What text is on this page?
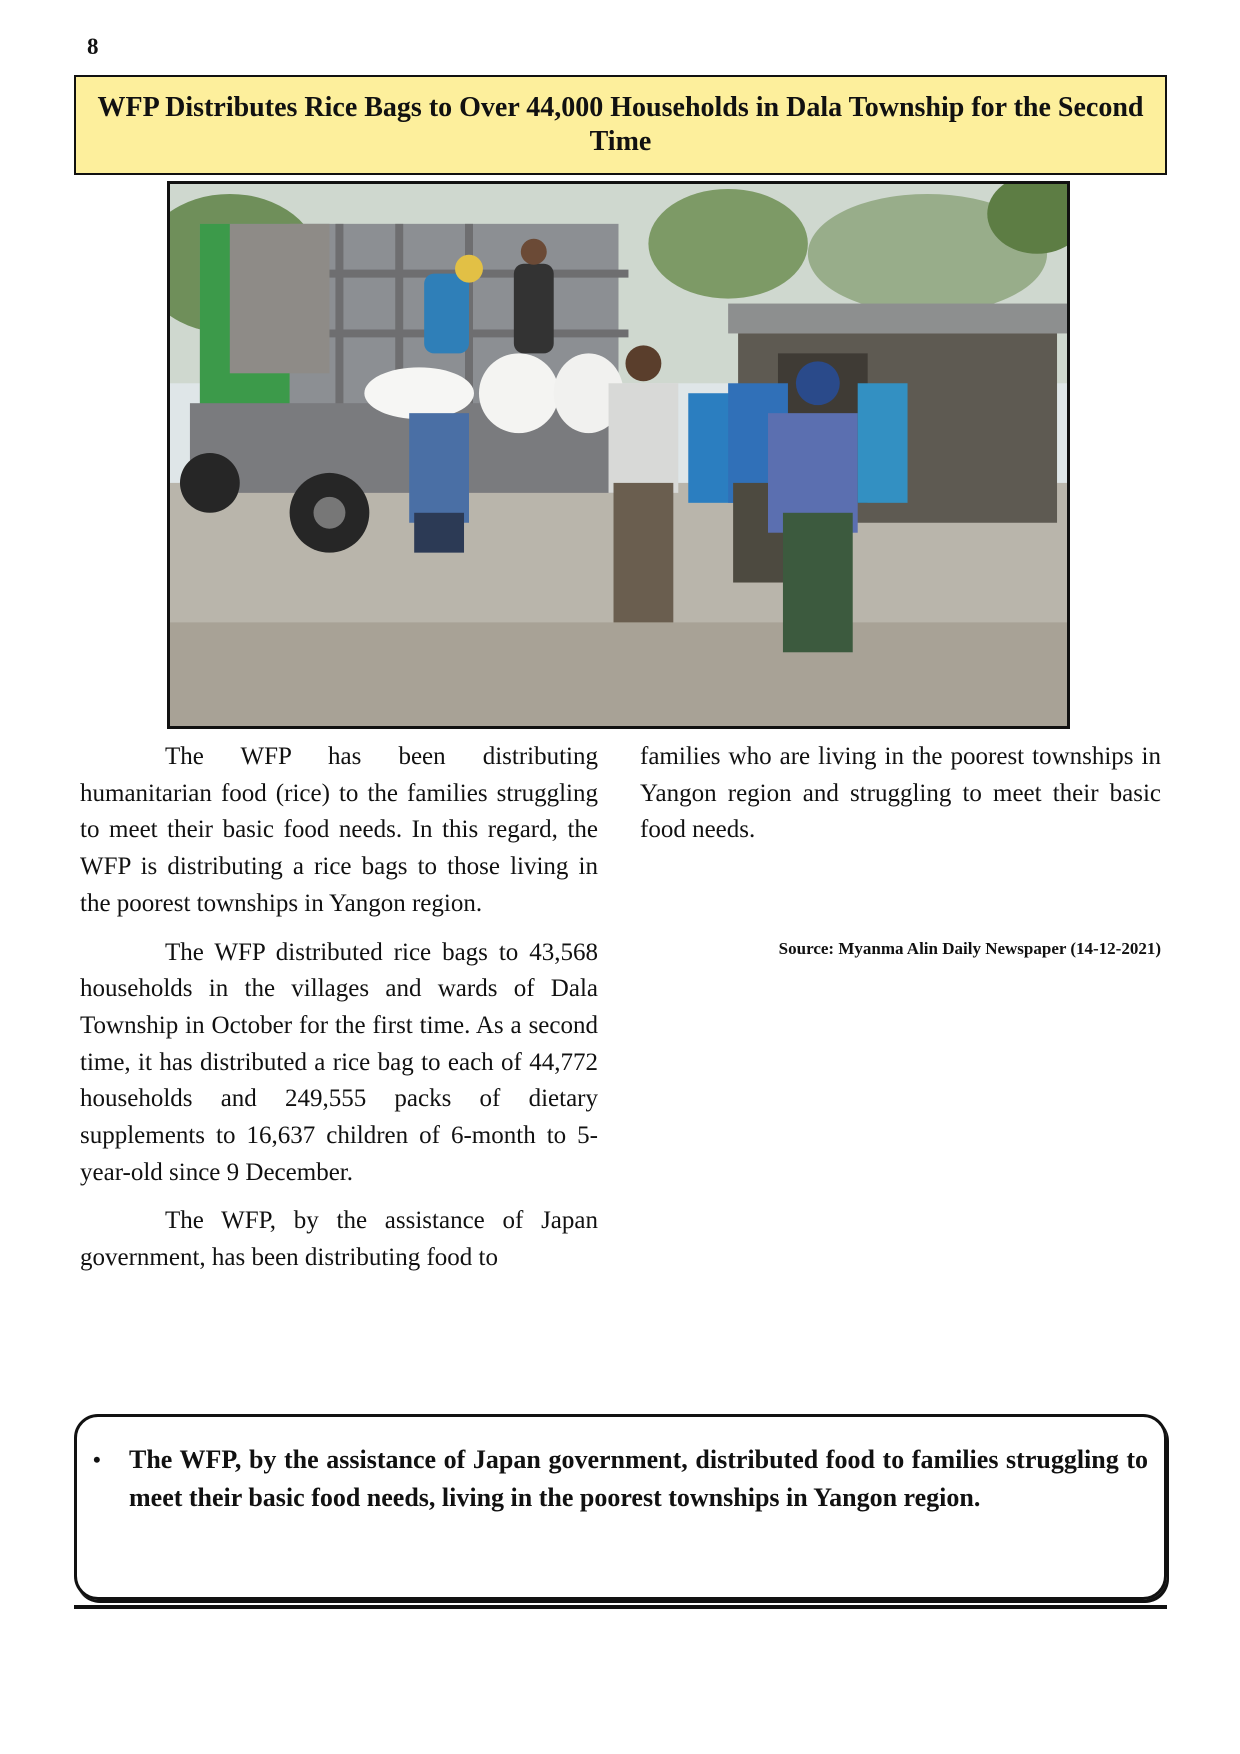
8
WFP Distributes Rice Bags to Over 44,000 Households in Dala Township for the Second Time

The WFP has been distributing humanitarian food (rice) to the families struggling to meet their basic food needs. In this regard, the WFP is distributing a rice bags to those living in the poorest townships in Yangon region.

The WFP distributed rice bags to 43,568 households in the villages and wards of Dala Township in October for the first time. As a second time, it has distributed a rice bag to each of 44,772 households and 249,555 packs of dietary supplements to 16,637 children of 6-month to 5-year-old since 9 December.

The WFP, by the assistance of Japan government, has been distributing food to

families who are living in the poorest townships in Yangon region and struggling to meet their basic food needs.

Source: Myanma Alin Daily Newspaper (14-12-2021)
• The WFP, by the assistance of Japan government, distributed food to families struggling to meet their basic food needs, living in the poorest townships in Yangon region.
